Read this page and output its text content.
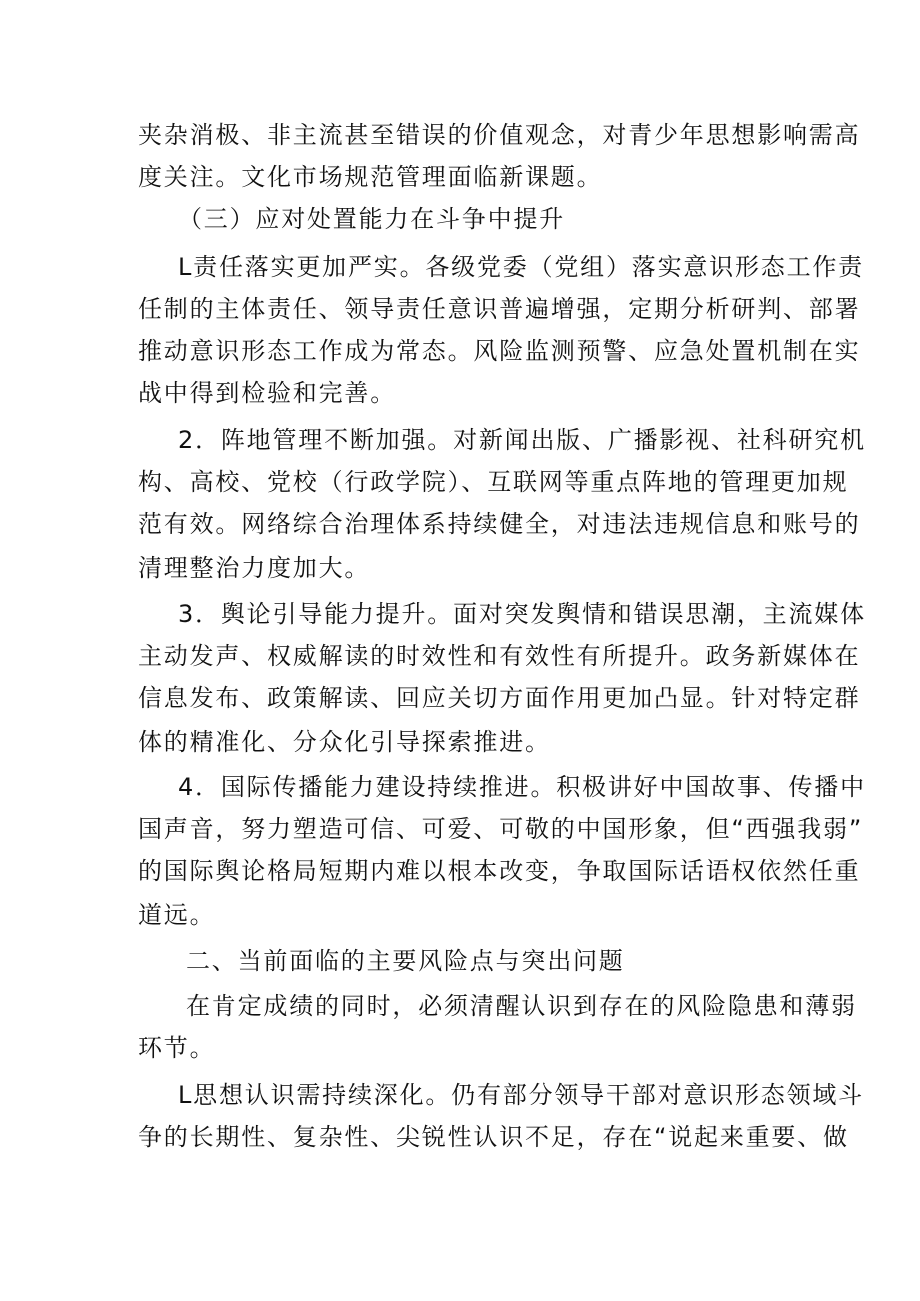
夹杂消极、非主流甚至错误的价值观念，对青少年思想影响需高
度关注。文化市场规范管理面临新课题。
（三）应对处置能力在斗争中提升
L责任落实更加严实。各级党委（党组）落实意识形态工作责
任制的主体责任、领导责任意识普遍增强，定期分析研判、部署
推动意识形态工作成为常态。风险监测预警、应急处置机制在实
战中得到检验和完善。
2．阵地管理不断加强。对新闻出版、广播影视、社科研究机
构、高校、党校（行政学院）、互联网等重点阵地的管理更加规
范有效。网络综合治理体系持续健全，对违法违规信息和账号的
清理整治力度加大。
3．舆论引导能力提升。面对突发舆情和错误思潮，主流媒体
主动发声、权威解读的时效性和有效性有所提升。政务新媒体在
信息发布、政策解读、回应关切方面作用更加凸显。针对特定群
体的精准化、分众化引导探索推进。
4．国际传播能力建设持续推进。积极讲好中国故事、传播中
国声音，努力塑造可信、可爱、可敬的中国形象，但“西强我弱”
的国际舆论格局短期内难以根本改变，争取国际话语权依然任重
道远。
二、当前面临的主要风险点与突出问题
在肯定成绩的同时，必须清醒认识到存在的风险隐患和薄弱
环节。
L思想认识需持续深化。仍有部分领导干部对意识形态领域斗
争的长期性、复杂性、尖锐性认识不足，存在“说起来重要、做
